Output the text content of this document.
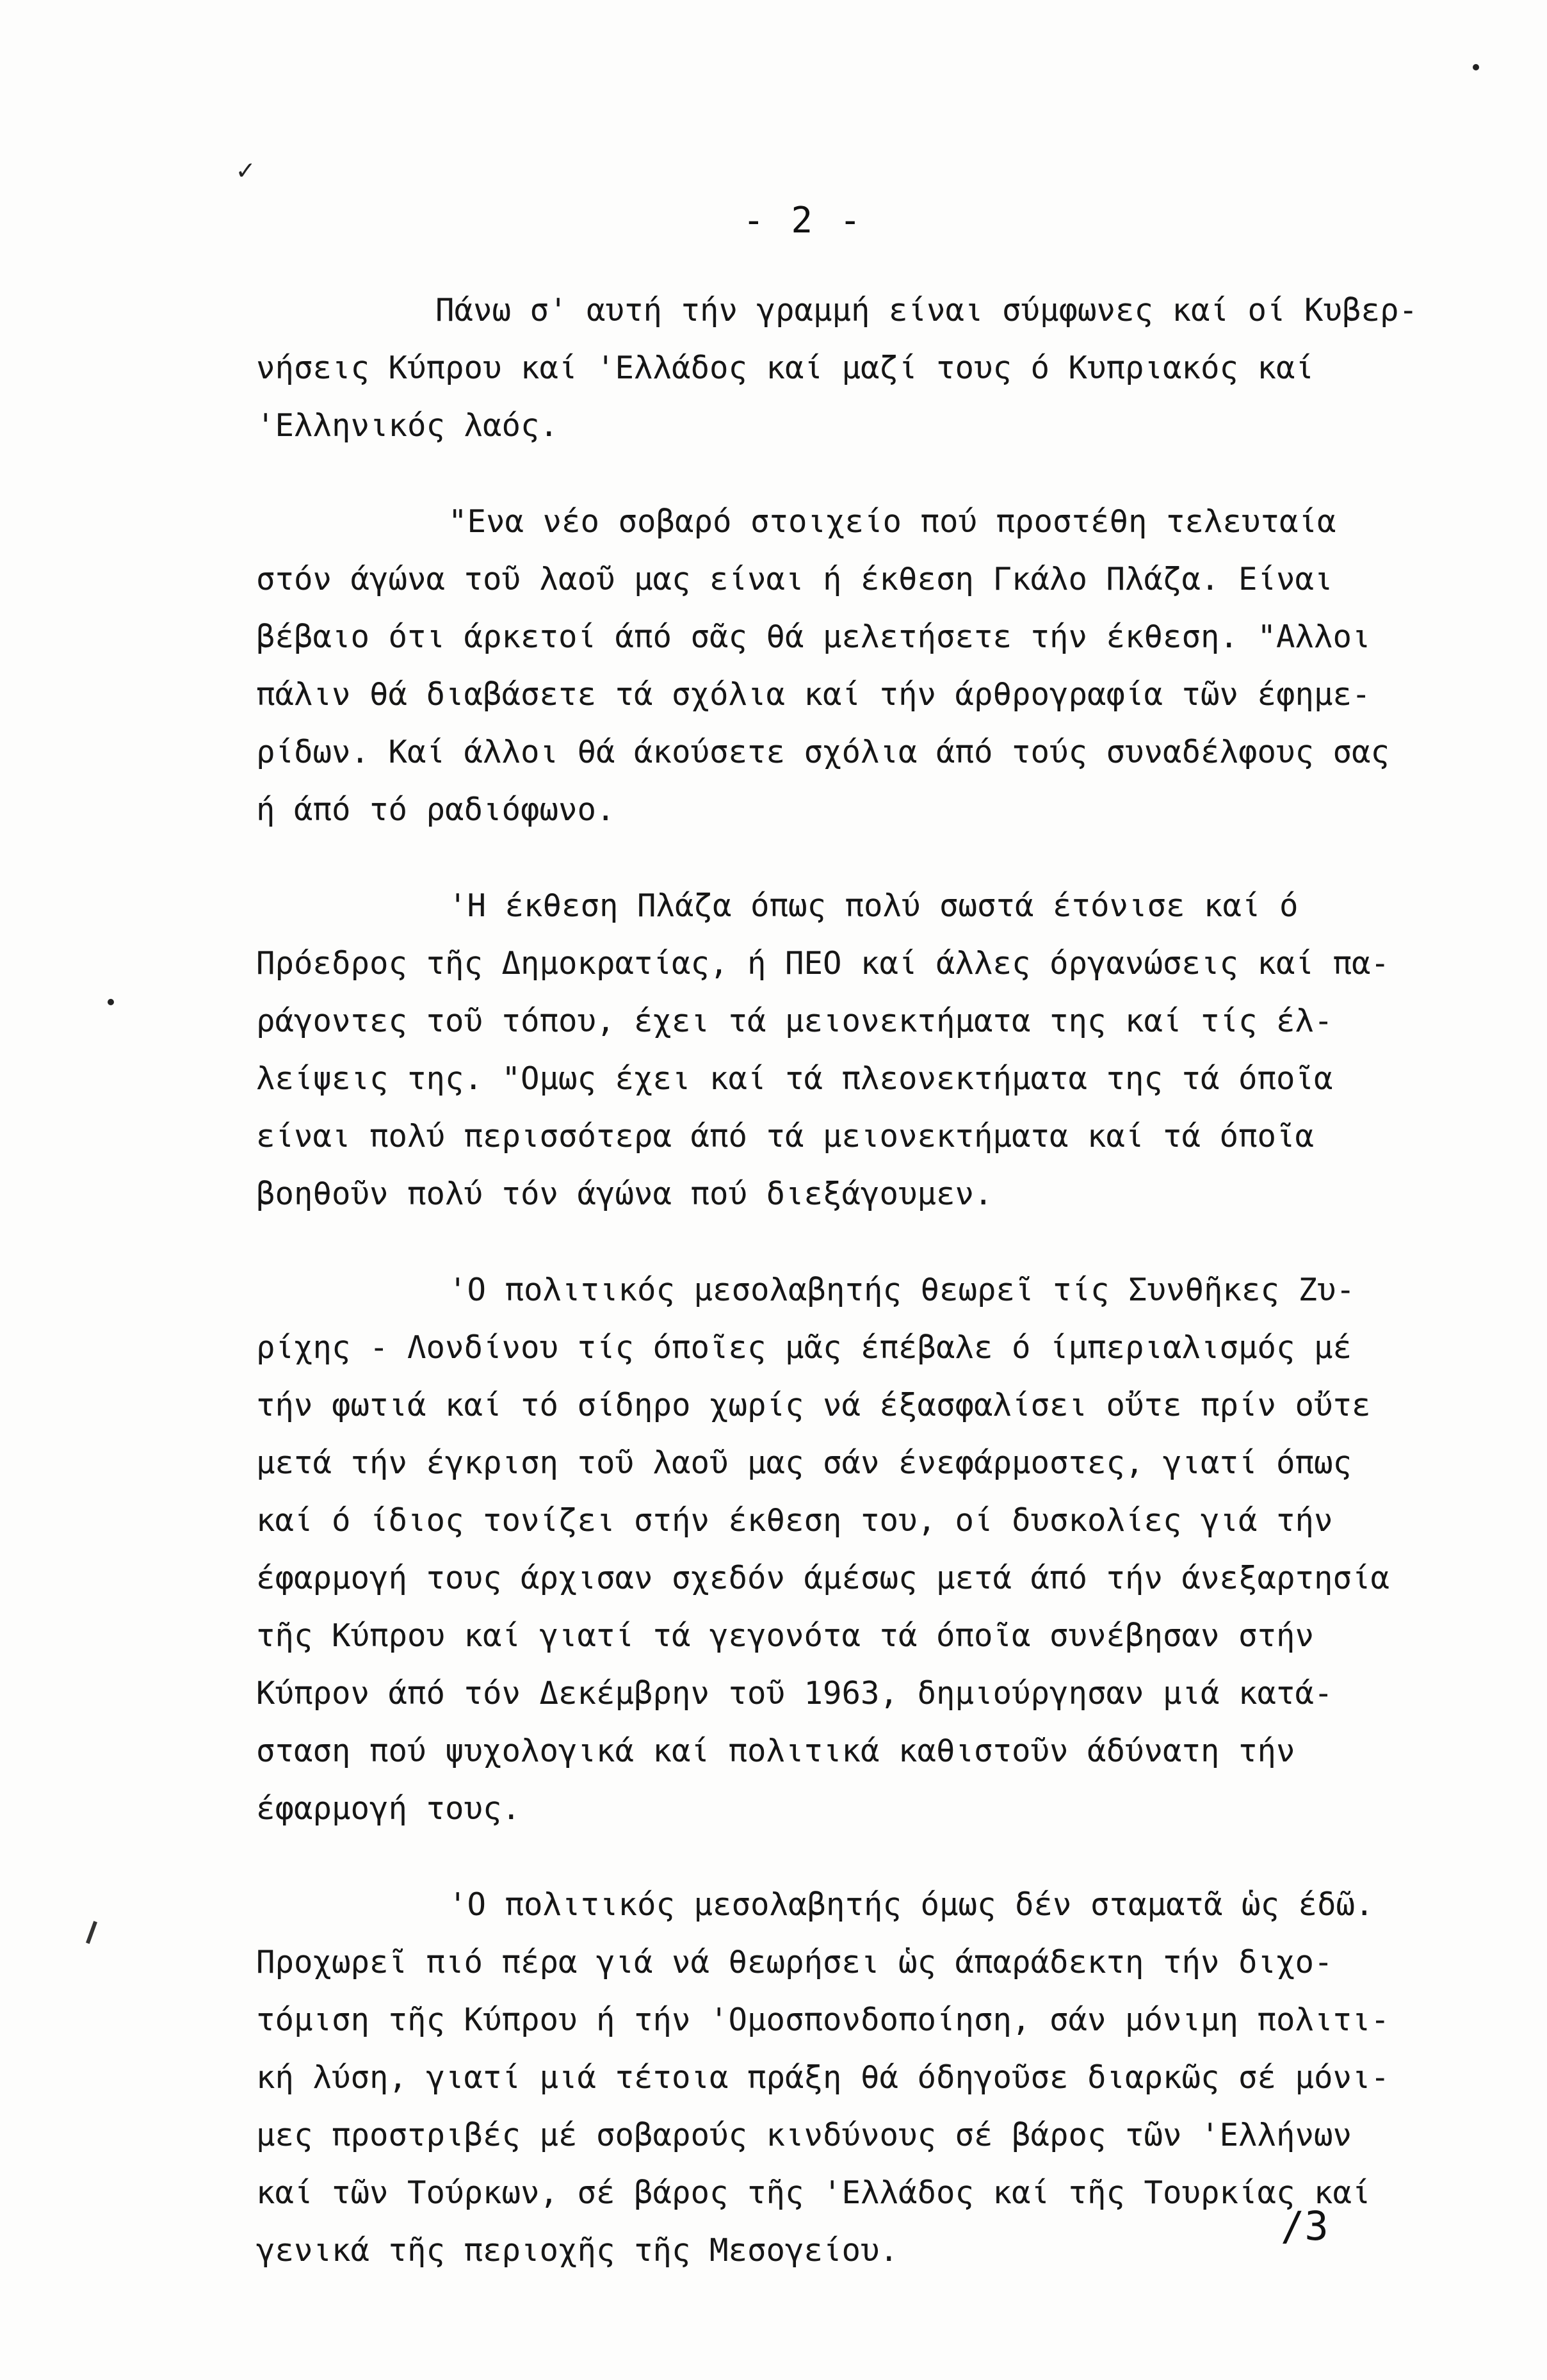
✓
- 2 -
Πάνω σ' αυτή τήν γραμμή είναι σύμφωνες καί οί Κυβερ-
νήσεις Κύπρου καί 'Ελλάδος καί μαζί τους ό Κυπριακός καί
'Ελληνικός λαός.
"Ενα νέο σοβαρό στοιχείο πού προστέθη τελευταία
στόν άγώνα τοῦ λαοῦ μας είναι ή έκθεση Γκάλο Πλάζα. Είναι
βέβαιο ότι άρκετοί άπό σᾶς θά μελετήσετε τήν έκθεση. "Αλλοι
πάλιν θά διαβάσετε τά σχόλια καί τήν άρθρογραφία τῶν έφημε-
ρίδων. Καί άλλοι θά άκούσετε σχόλια άπό τούς συναδέλφους σας
ή άπό τό ραδιόφωνο.
'Η έκθεση Πλάζα όπως πολύ σωστά έτόνισε καί ό
Πρόεδρος τῆς Δημοκρατίας, ή ΠΕΟ καί άλλες όργανώσεις καί πα-
ράγοντες τοῦ τόπου, έχει τά μειονεκτήματα της καί τίς έλ-
λείψεις της. "Ομως έχει καί τά πλεονεκτήματα της τά όποῖα
είναι πολύ περισσότερα άπό τά μειονεκτήματα καί τά όποῖα
βοηθοῦν πολύ τόν άγώνα πού διεξάγουμεν.
'Ο πολιτικός μεσολαβητής θεωρεῖ τίς Συνθῆκες Ζυ-
ρίχης - Λονδίνου τίς όποῖες μᾶς έπέβαλε ό ίμπεριαλισμός μέ
τήν φωτιά καί τό σίδηρο χωρίς νά έξασφαλίσει οὔτε πρίν οὔτε
μετά τήν έγκριση τοῦ λαοῦ μας σάν ένεφάρμοστες, γιατί όπως
καί ό ίδιος τονίζει στήν έκθεση του, οί δυσκολίες γιά τήν
έφαρμογή τους άρχισαν σχεδόν άμέσως μετά άπό τήν άνεξαρτησία
τῆς Κύπρου καί γιατί τά γεγονότα τά όποῖα συνέβησαν στήν
Κύπρον άπό τόν Δεκέμβρην τοῦ 1963, δημιούργησαν μιά κατά-
σταση πού ψυχολογικά καί πολιτικά καθιστοῦν άδύνατη τήν
έφαρμογή τους.
'Ο πολιτικός μεσολαβητής όμως δέν σταματᾶ ὡς έδῶ.
Προχωρεῖ πιό πέρα γιά νά θεωρήσει ὡς άπαράδεκτη τήν διχο-
τόμιση τῆς Κύπρου ή τήν 'Ομοσπονδοποίηση, σάν μόνιμη πολιτι-
κή λύση, γιατί μιά τέτοια πράξη θά όδηγοῦσε διαρκῶς σέ μόνι-
μες προστριβές μέ σοβαρούς κινδύνους σέ βάρος τῶν 'Ελλήνων
καί τῶν Τούρκων, σέ βάρος τῆς 'Ελλάδος καί τῆς Τουρκίας καί
γενικά τῆς περιοχῆς τῆς Μεσογείου.
/3
